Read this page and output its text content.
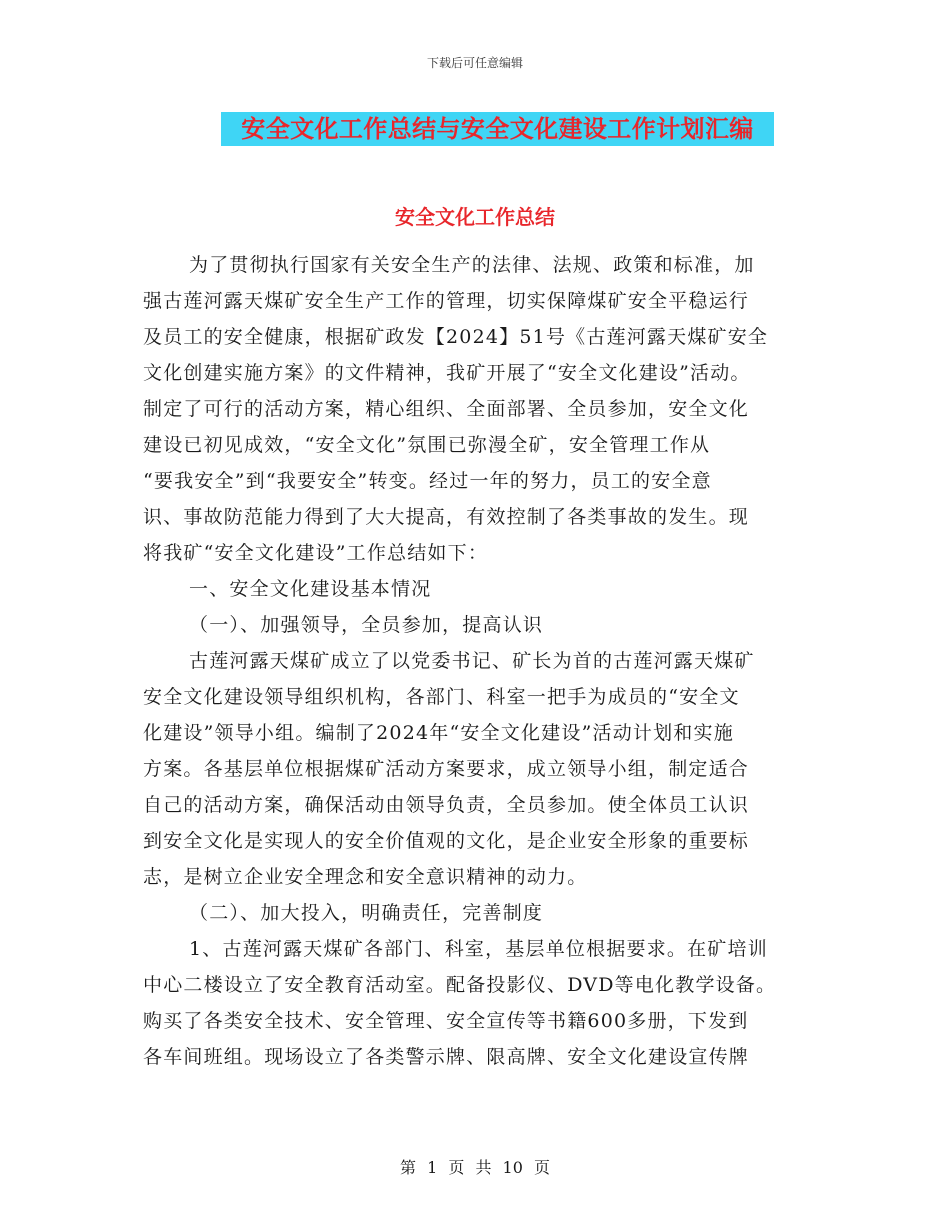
下载后可任意编辑
安全文化工作总结与安全文化建设工作计划汇编
安全文化工作总结
为了贯彻执行国家有关安全生产的法律、法规、政策和标准，加
强古莲河露天煤矿安全生产工作的管理，切实保障煤矿安全平稳运行
及员工的安全健康，根据矿政发【2024】51号《古莲河露天煤矿安全
文化创建实施方案》的文件精神，我矿开展了“安全文化建设”活动。
制定了可行的活动方案，精心组织、全面部署、全员参加，安全文化
建设已初见成效，“安全文化”氛围已弥漫全矿，安全管理工作从
“要我安全”到“我要安全”转变。经过一年的努力，员工的安全意
识、事故防范能力得到了大大提高，有效控制了各类事故的发生。现
将我矿“安全文化建设”工作总结如下：
一、安全文化建设基本情况
（一）、加强领导，全员参加，提高认识
古莲河露天煤矿成立了以党委书记、矿长为首的古莲河露天煤矿
安全文化建设领导组织机构，各部门、科室一把手为成员的“安全文
化建设”领导小组。编制了2024年“安全文化建设”活动计划和实施
方案。各基层单位根据煤矿活动方案要求，成立领导小组，制定适合
自己的活动方案，确保活动由领导负责，全员参加。使全体员工认识
到安全文化是实现人的安全价值观的文化，是企业安全形象的重要标
志，是树立企业安全理念和安全意识精神的动力。
（二）、加大投入，明确责任，完善制度
1、古莲河露天煤矿各部门、科室，基层单位根据要求。在矿培训
中心二楼设立了安全教育活动室。配备投影仪、DVD等电化教学设备。
购买了各类安全技术、安全管理、安全宣传等书籍600多册，下发到
各车间班组。现场设立了各类警示牌、限高牌、安全文化建设宣传牌
第 1 页 共 10 页
